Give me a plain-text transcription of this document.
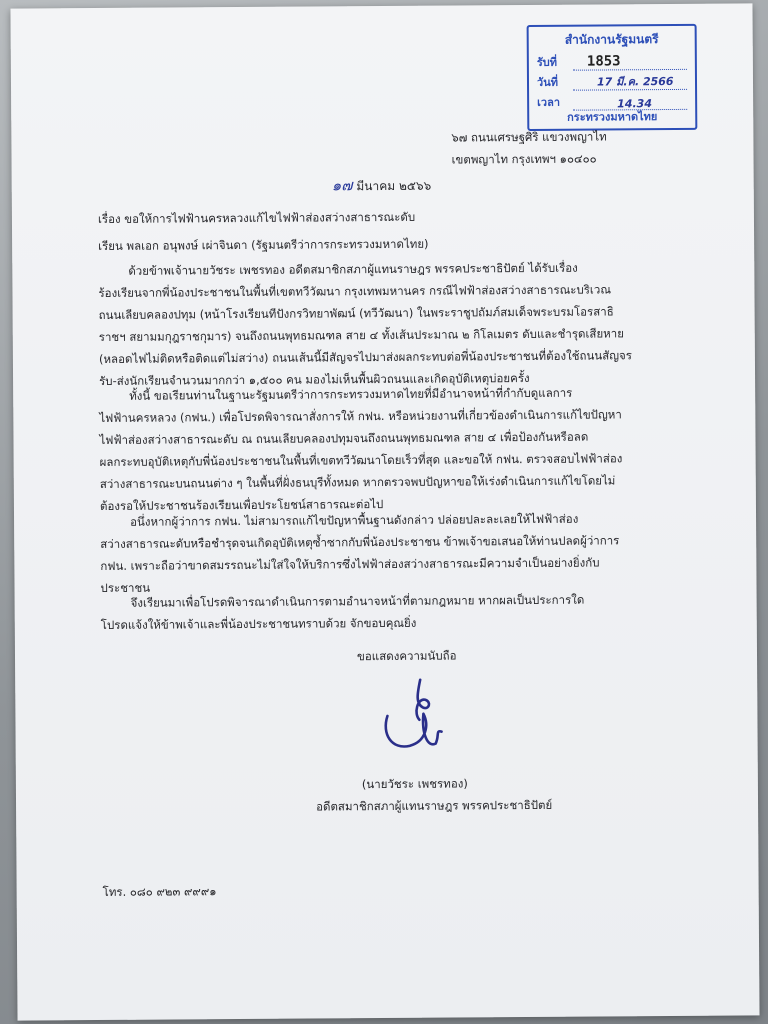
สำนักงานรัฐมนตรี
รับที่	1853
วันที่	17 มี.ค. 2566
เวลา	14.34
กระทรวงมหาดไทย
๖๗ ถนนเศรษฐศิริ แขวงพญาไท
เขตพญาไท กรุงเทพฯ ๑๐๔๐๐
๑๗ มีนาคม ๒๕๖๖
เรื่อง ขอให้การไฟฟ้านครหลวงแก้ไขไฟฟ้าส่องสว่างสาธารณะดับ
เรียน พลเอก อนุพงษ์ เผ่าจินดา (รัฐมนตรีว่าการกระทรวงมหาดไทย)
ด้วยข้าพเจ้านายวัชระ เพชรทอง อดีตสมาชิกสภาผู้แทนราษฎร พรรคประชาธิปัตย์ ได้รับเรื่อง
ร้องเรียนจากพี่น้องประชาชนในพื้นที่เขตทวีวัฒนา กรุงเทพมหานคร กรณีไฟฟ้าส่องสว่างสาธารณะบริเวณ
ถนนเลียบคลองปทุม (หน้าโรงเรียนทีปังกรวิทยาพัฒน์ (ทวีวัฒนา) ในพระราชูปถัมภ์สมเด็จพระบรมโอรสาธิ
ราชฯ สยามมกุฎราชกุมาร) จนถึงถนนพุทธมณฑล สาย ๔ ทั้งเส้นประมาณ ๒ กิโลเมตร ดับและชำรุดเสียหาย
(หลอดไฟไม่ติดหรือติดแต่ไม่สว่าง) ถนนเส้นนี้มีสัญจรไปมาส่งผลกระทบต่อพี่น้องประชาชนที่ต้องใช้ถนนสัญจร
รับ-ส่งนักเรียนจำนวนมากกว่า ๑,๕๐๐ คน มองไม่เห็นพื้นผิวถนนและเกิดอุบัติเหตุบ่อยครั้ง
ทั้งนี้ ขอเรียนท่านในฐานะรัฐมนตรีว่าการกระทรวงมหาดไทยที่มีอำนาจหน้าที่กำกับดูแลการ
ไฟฟ้านครหลวง (กฟน.) เพื่อโปรดพิจารณาสั่งการให้ กฟน. หรือหน่วยงานที่เกี่ยวข้องดำเนินการแก้ไขปัญหา
ไฟฟ้าส่องสว่างสาธารณะดับ ณ ถนนเลียบคลองปทุมจนถึงถนนพุทธมณฑล สาย ๔ เพื่อป้องกันหรือลด
ผลกระทบอุบัติเหตุกับพี่น้องประชาชนในพื้นที่เขตทวีวัฒนาโดยเร็วที่สุด และขอให้ กฟน. ตรวจสอบไฟฟ้าส่อง
สว่างสาธารณะบนถนนต่าง ๆ ในพื้นที่ฝั่งธนบุรีทั้งหมด หากตรวจพบปัญหาขอให้เร่งดำเนินการแก้ไขโดยไม่
ต้องรอให้ประชาชนร้องเรียนเพื่อประโยชน์สาธารณะต่อไป
อนึ่งหากผู้ว่าการ กฟน. ไม่สามารถแก้ไขปัญหาพื้นฐานดังกล่าว ปล่อยปละละเลยให้ไฟฟ้าส่อง
สว่างสาธารณะดับหรือชำรุดจนเกิดอุบัติเหตุซ้ำซากกับพี่น้องประชาชน ข้าพเจ้าขอเสนอให้ท่านปลดผู้ว่าการ
กฟน. เพราะถือว่าขาดสมรรถนะไม่ใส่ใจให้บริการซึ่งไฟฟ้าส่องสว่างสาธารณะมีความจำเป็นอย่างยิ่งกับ
ประชาชน
จึงเรียนมาเพื่อโปรดพิจารณาดำเนินการตามอำนาจหน้าที่ตามกฎหมาย หากผลเป็นประการใด
โปรดแจ้งให้ข้าพเจ้าและพี่น้องประชาชนทราบด้วย จักขอบคุณยิ่ง
ขอแสดงความนับถือ
(นายวัชระ เพชรทอง)
อดีตสมาชิกสภาผู้แทนราษฎร พรรคประชาธิปัตย์
โทร. ๐๘๐ ๙๒๓ ๙๙๙๑
